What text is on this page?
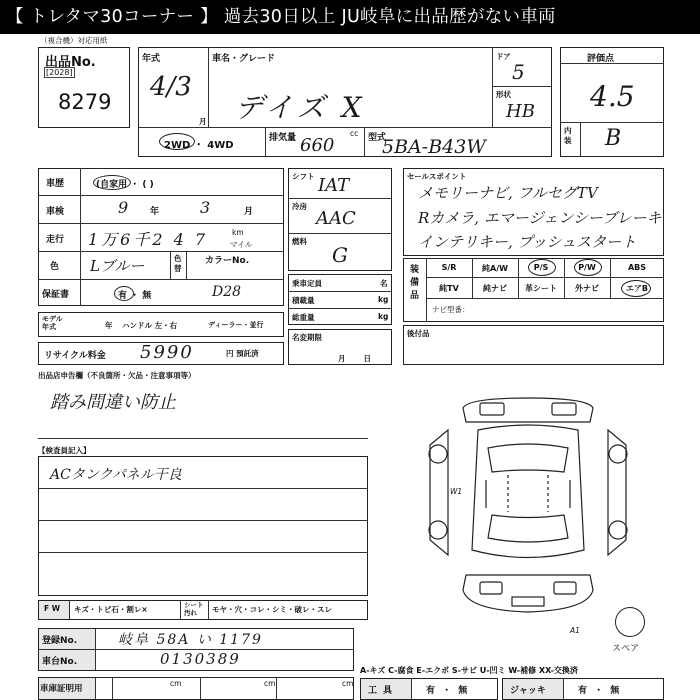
【 トレタマ30コーナー 】 過去30日以上 JU岐阜に出品歴がない車両
（複合機）対応用紙
出品No.
[2028]
8279
年式
4/3
月
車名・グレード
デイズ X
ドア
5
形状
HB
2WD ・ 4WD
排気量 660
cc 型式
5BA-B43W
評価点
4.5
内装 B
車歴	(自家用 ・ ( )
車検	9 年	3	月
走行 1万6千2 4 7	km
マイル
色 Lブルー	色替
カラーNo.
保証書	有 ・ 無	D28
モデル年式	年 ハンドル 左・右	ディーラー・並行
リサイクル料金 5990	円 預託済
シフト IAT
冷房
AAC
燃料
G
乗車定員	名
積載量	kg
総重量	kg
名変期限
月日
セールスポイント
メモリーナビ, フルセグTV
Rカメラ, エマージェンシーブレーキ
インテリキー, プッシュスタート
装備品
S/R	純A/W	P/S	P/W	ABS
純TV	純ナビ	革シート	外ナビ	エアB
ナビ型番：
後付品
出品店申告欄（不良箇所・欠品・注意事項等）
踏み間違い防止
【検査員記入】
ACタンクパネル干良
W1
A1
スペア
F W キズ・トビ石・割レ×	シート汚れ	モヤ・穴・コレ・シミ・破レ・スレ
登録No.	岐阜 58A い 1179
車台No.	0130389
車庫証明用
cm	cm	cm
A-キズ C-腐食 E-エクボ S-サビ U-凹ミ W-補修 XX-交換済
工具	有 ・ 無	ジャッキ	有 ・ 無
